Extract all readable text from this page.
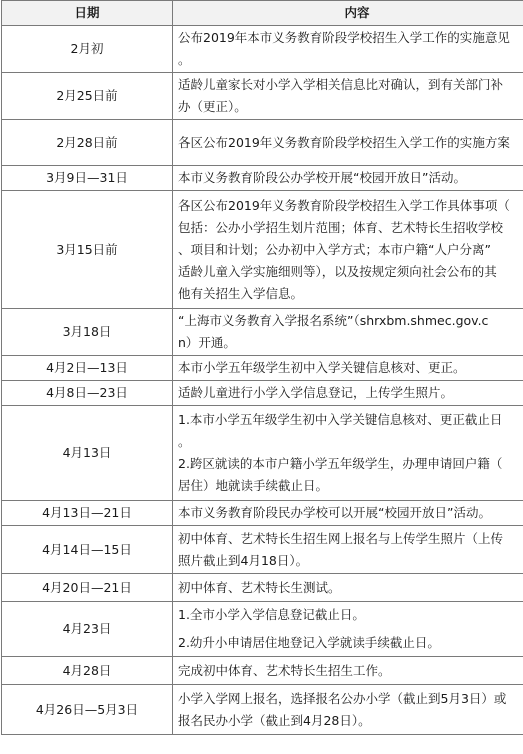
日期	内容
2月初	公布2019年本市义务教育阶段学校招生入学工作的实施意见
。

2月25日前	适龄儿童家长对小学入学相关信息比对确认，到有关部门补
办（更正）。

2月28日前	各区公布2019年义务教育阶段学校招生入学工作的实施方案

3月9日—31日	本市义务教育阶段公办学校开展“校园开放日”活动。

3月15日前	各区公布2019年义务教育阶段学校招生入学工作具体事项（
包括：公办小学招生划片范围；体育、艺术特长生招收学校
、项目和计划；公办初中入学方式；本市户籍“人户分离”
适龄儿童入学实施细则等），以及按规定须向社会公布的其
他有关招生入学信息。

3月18日	“上海市义务教育入学报名系统”（shrxbm.shmec.gov.c
n）开通。

4月2日—13日	本市小学五年级学生初中入学关键信息核对、更正。

4月8日—23日	适龄儿童进行小学入学信息登记，上传学生照片。

4月13日	1.本市小学五年级学生初中入学关键信息核对、更正截止日
。
2.跨区就读的本市户籍小学五年级学生，办理申请回户籍（
居住）地就读手续截止日。

4月13日—21日	本市义务教育阶段民办学校可以开展“校园开放日”活动。

4月14日—15日	初中体育、艺术特长生招生网上报名与上传学生照片（上传
照片截止到4月18日）。

4月20日—21日	初中体育、艺术特长生测试。

4月23日	1.全市小学入学信息登记截止日。
2.幼升小申请居住地登记入学就读手续截止日。

4月28日	完成初中体育、艺术特长生招生工作。

4月26日—5月3日	小学入学网上报名，选择报名公办小学（截止到5月3日）或
报名民办小学（截止到4月28日）。
